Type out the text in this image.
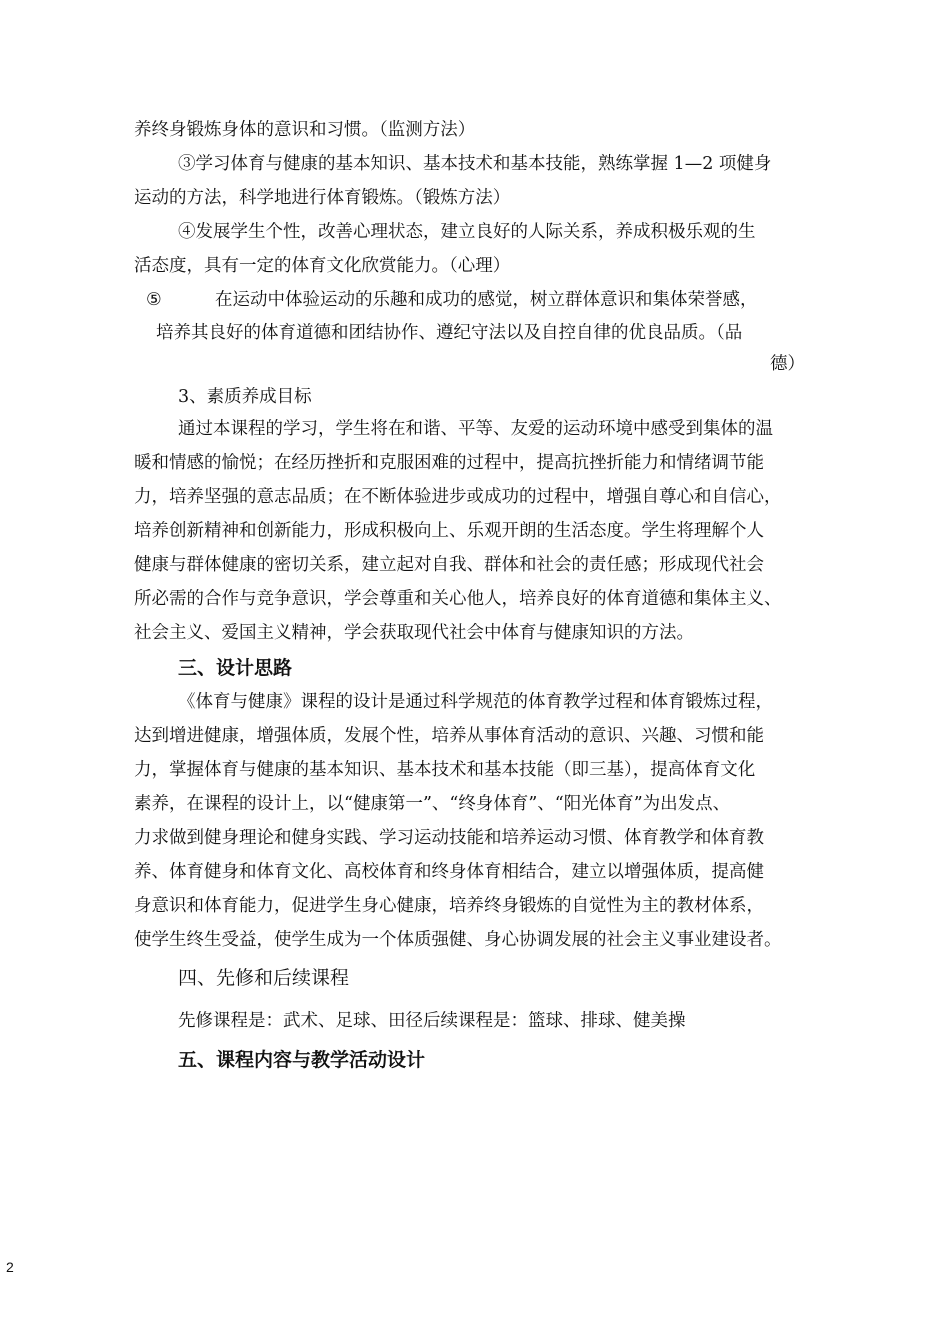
养终身锻炼身体的意识和习惯。（监测方法）
③学习体育与健康的基本知识、基本技术和基本技能，熟练掌握 1—2 项健身
运动的方法，科学地进行体育锻炼。（锻炼方法）
④发展学生个性，改善心理状态，建立良好的人际关系，养成积极乐观的生
活态度，具有一定的体育文化欣赏能力。（心理）
⑤	在运动中体验运动的乐趣和成功的感觉，树立群体意识和集体荣誉感，
培养其良好的体育道德和团结协作、遵纪守法以及自控自律的优良品质。（品
德）
3、素质养成目标
通过本课程的学习，学生将在和谐、平等、友爱的运动环境中感受到集体的温
暖和情感的愉悦；在经历挫折和克服困难的过程中，提高抗挫折能力和情绪调节能
力，培养坚强的意志品质；在不断体验进步或成功的过程中，增强自尊心和自信心，
培养创新精神和创新能力，形成积极向上、乐观开朗的生活态度。学生将理解个人
健康与群体健康的密切关系，建立起对自我、群体和社会的责任感；形成现代社会
所必需的合作与竞争意识，学会尊重和关心他人，培养良好的体育道德和集体主义、
社会主义、爱国主义精神，学会获取现代社会中体育与健康知识的方法。
三、设计思路
《体育与健康》课程的设计是通过科学规范的体育教学过程和体育锻炼过程，
达到增进健康，增强体质，发展个性，培养从事体育活动的意识、兴趣、习惯和能
力，掌握体育与健康的基本知识、基本技术和基本技能（即三基），提高体育文化
素养，在课程的设计上，以“健康第一”、“终身体育”、“阳光体育”为出发点、
力求做到健身理论和健身实践、学习运动技能和培养运动习惯、体育教学和体育教
养、体育健身和体育文化、高校体育和终身体育相结合，建立以增强体质，提高健
身意识和体育能力，促进学生身心健康，培养终身锻炼的自觉性为主的教材体系，
使学生终生受益，使学生成为一个体质强健、身心协调发展的社会主义事业建设者。
四、先修和后续课程
先修课程是：武术、足球、田径后续课程是：篮球、排球、健美操
五、课程内容与教学活动设计
2
